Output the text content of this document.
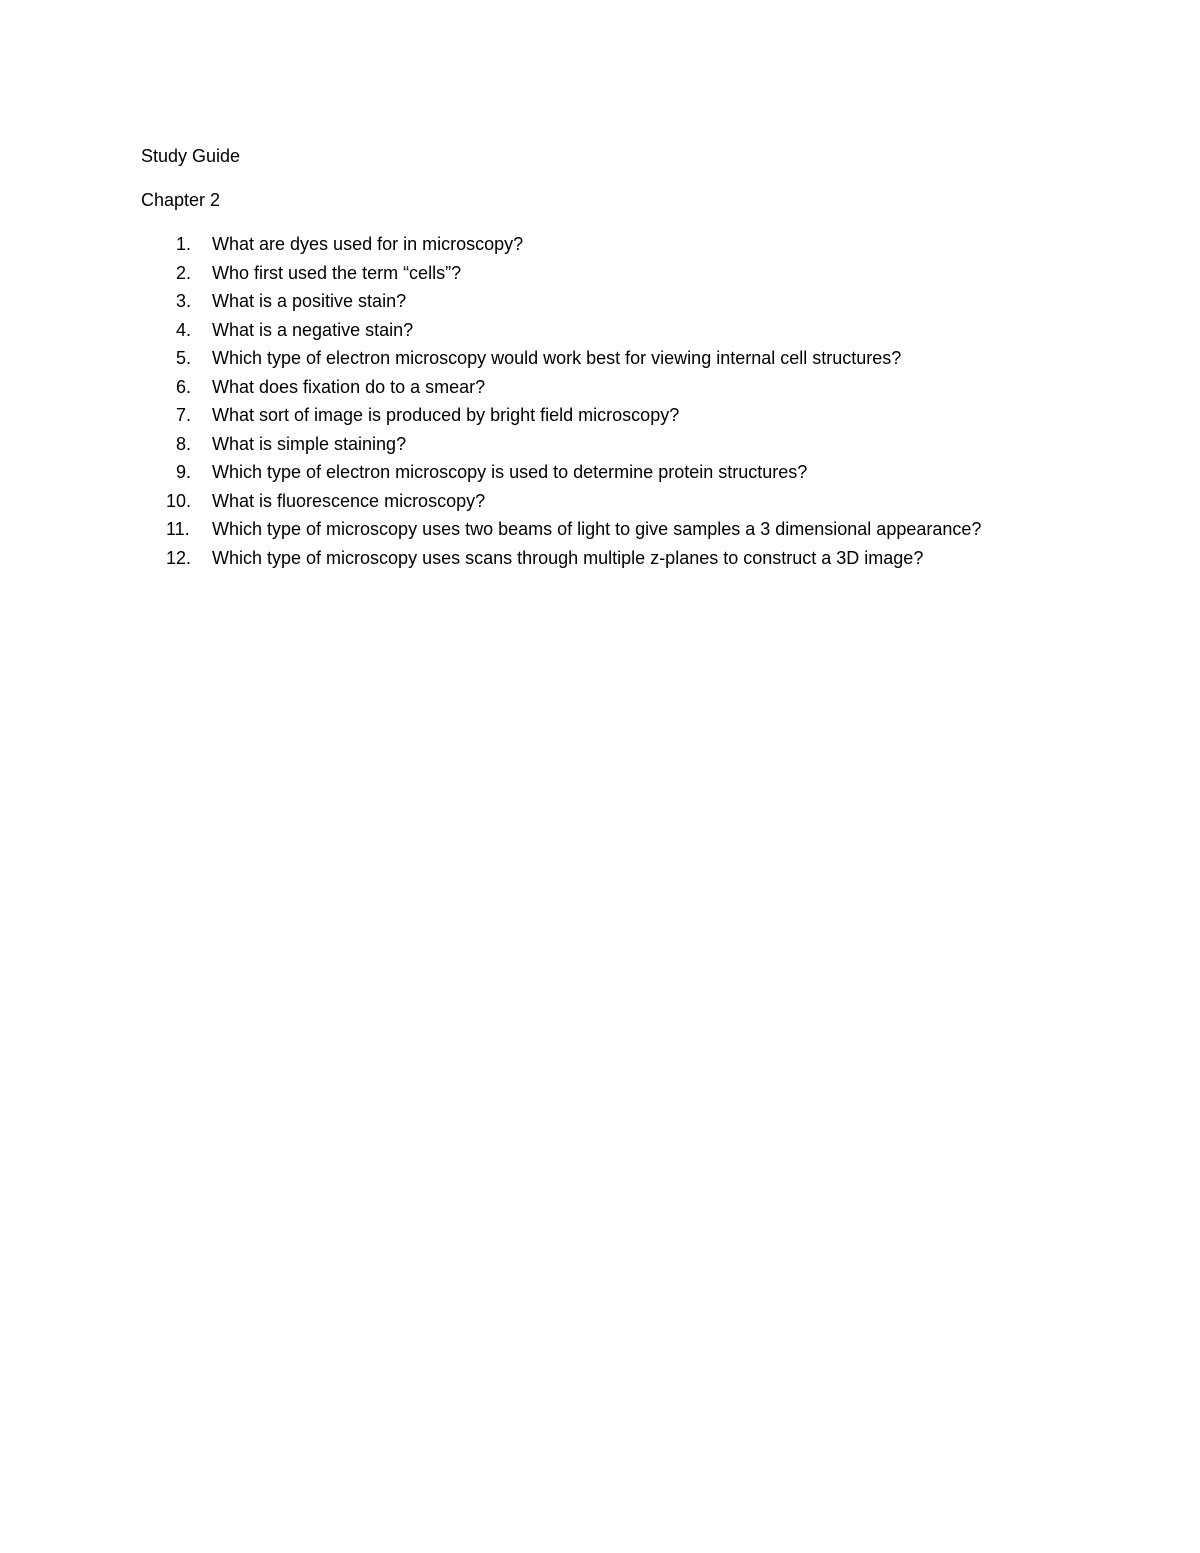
Study Guide

Chapter 2

1.	What are dyes used for in microscopy?
2.	Who first used the term “cells”?
3.	What is a positive stain?
4.	What is a negative stain?
5.	Which type of electron microscopy would work best for viewing internal cell structures?
6.	What does fixation do to a smear?
7.	What sort of image is produced by bright field microscopy?
8.	What is simple staining?
9.	Which type of electron microscopy is used to determine protein structures?
10. What is fluorescence microscopy?
11.	Which type of microscopy uses two beams of light to give samples a 3 dimensional appearance?
12. Which type of microscopy uses scans through multiple z-planes to construct a 3D image?
